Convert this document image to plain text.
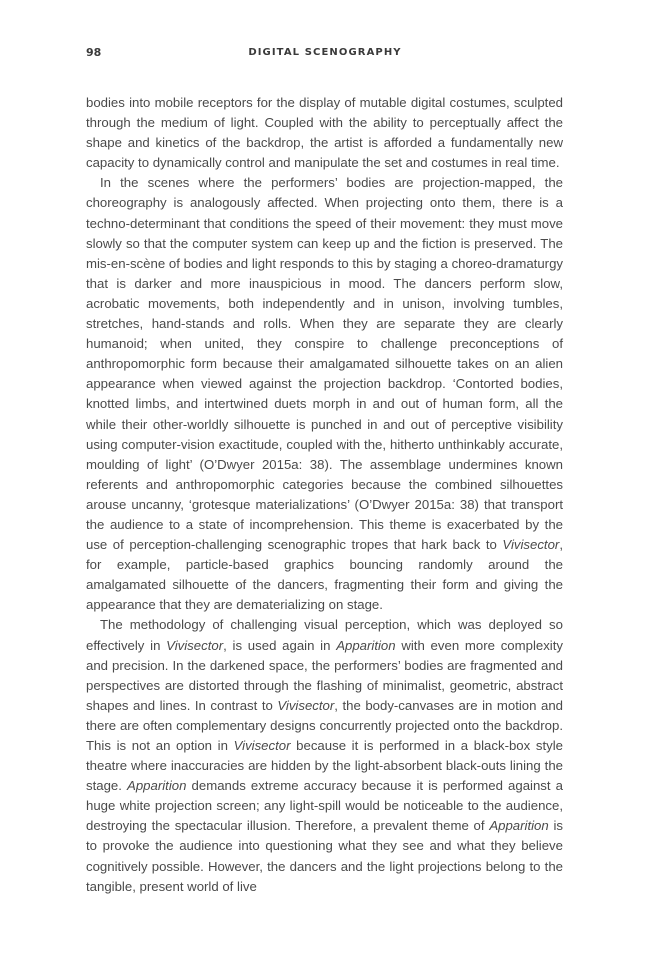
98	DIGITAL SCENOGRAPHY

bodies into mobile receptors for the display of mutable digital costumes, sculpted through the medium of light. Coupled with the ability to perceptually affect the shape and kinetics of the backdrop, the artist is afforded a fundamentally new capacity to dynamically control and manipulate the set and costumes in real time.

In the scenes where the performers’ bodies are projection-mapped, the choreography is analogously affected. When projecting onto them, there is a techno-determinant that conditions the speed of their movement: they must move slowly so that the computer system can keep up and the fiction is preserved. The mis-en-scène of bodies and light responds to this by staging a choreo-dramaturgy that is darker and more inauspicious in mood. The dancers perform slow, acrobatic movements, both independently and in unison, involving tumbles, stretches, hand-stands and rolls. When they are separate they are clearly humanoid; when united, they conspire to challenge preconceptions of anthropomorphic form because their amalgamated silhouette takes on an alien appearance when viewed against the projection backdrop. ‘Contorted bodies, knotted limbs, and intertwined duets morph in and out of human form, all the while their other-worldly silhouette is punched in and out of perceptive visibility using computer-vision exactitude, coupled with the, hitherto unthinkably accurate, moulding of light’ (O’Dwyer 2015a: 38). The assemblage undermines known referents and anthropomorphic categories because the combined silhouettes arouse uncanny, ‘grotesque materializations’ (O’Dwyer 2015a: 38) that transport the audience to a state of incomprehension. This theme is exacerbated by the use of perception-challenging scenographic tropes that hark back to Vivisector, for example, particle-based graphics bouncing randomly around the amalgamated silhouette of the dancers, fragmenting their form and giving the appearance that they are dematerializing on stage.

The methodology of challenging visual perception, which was deployed so effectively in Vivisector, is used again in Apparition with even more complexity and precision. In the darkened space, the performers’ bodies are fragmented and perspectives are distorted through the flashing of minimalist, geometric, abstract shapes and lines. In contrast to Vivisector, the body-canvases are in motion and there are often complementary designs concurrently projected onto the backdrop. This is not an option in Vivisector because it is performed in a black-box style theatre where inaccuracies are hidden by the light-absorbent black-outs lining the stage. Apparition demands extreme accuracy because it is performed against a huge white projection screen; any light-spill would be noticeable to the audience, destroying the spectacular illusion. Therefore, a prevalent theme of Apparition is to provoke the audience into questioning what they see and what they believe cognitively possible. However, the dancers and the light projections belong to the tangible, present world of live
